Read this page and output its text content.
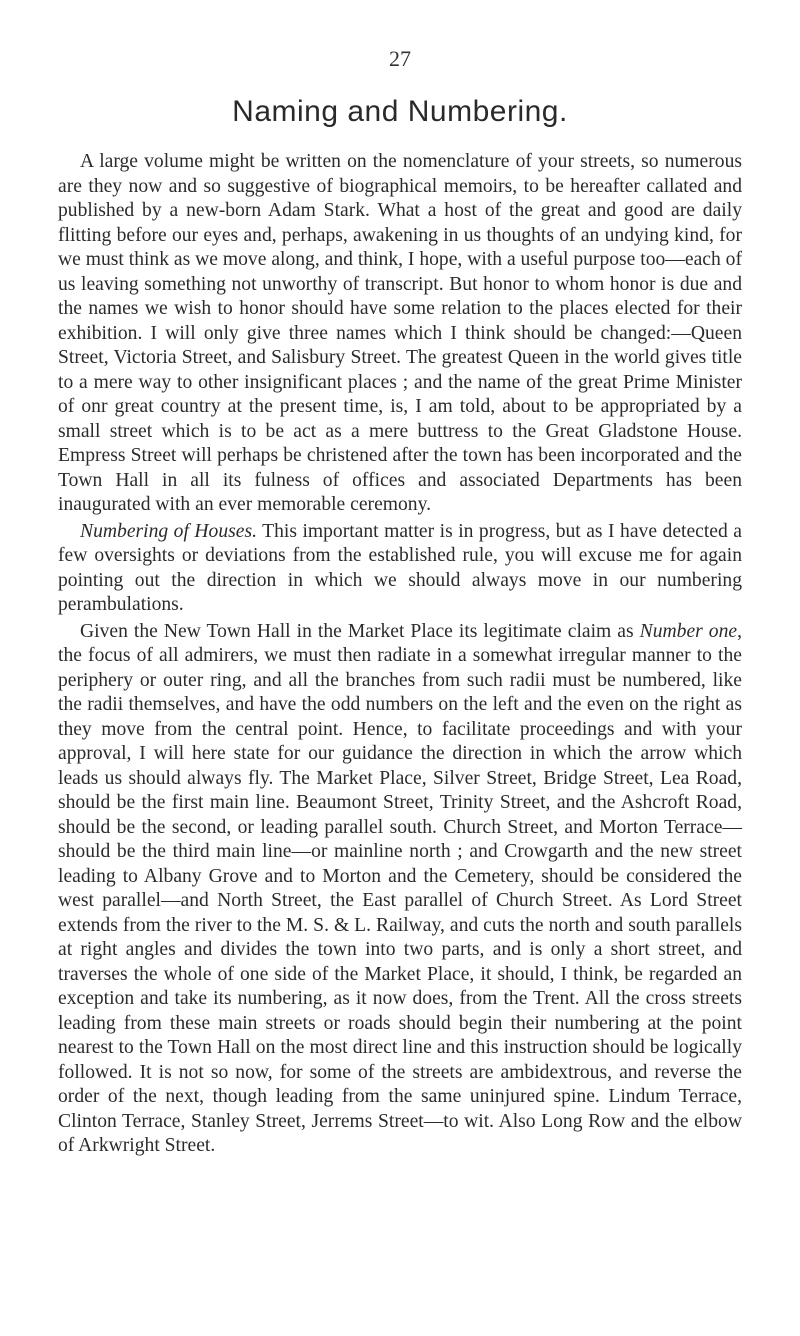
27
Naming and Numbering.

A large volume might be written on the nomenclature of your streets, so numerous are they now and so suggestive of biographical memoirs, to be hereafter callated and published by a new-born Adam Stark. What a host of the great and good are daily flitting before our eyes and, perhaps, awakening in us thoughts of an undying kind, for we must think as we move along, and think, I hope, with a useful purpose too—each of us leaving something not unworthy of transcript. But honor to whom honor is due and the names we wish to honor should have some relation to the places elected for their exhibition. I will only give three names which I think should be changed:—Queen Street, Victoria Street, and Salisbury Street. The greatest Queen in the world gives title to a mere way to other insignificant places ; and the name of the great Prime Minister of onr great country at the present time, is, I am told, about to be appropriated by a small street which is to be act as a mere buttress to the Great Gladstone House. Empress Street will perhaps be christened after the town has been incorporated and the Town Hall in all its fulness of offices and associated Departments has been inaugurated with an ever memorable ceremony.

Numbering of Houses. This important matter is in progress, but as I have detected a few oversights or deviations from the established rule, you will excuse me for again pointing out the direction in which we should always move in our numbering perambulations.

Given the New Town Hall in the Market Place its legitimate claim as Number one, the focus of all admirers, we must then radiate in a somewhat irregular manner to the periphery or outer ring, and all the branches from such radii must be numbered, like the radii themselves, and have the odd numbers on the left and the even on the right as they move from the central point. Hence, to facilitate proceedings and with your approval, I will here state for our guidance the direction in which the arrow which leads us should always fly. The Market Place, Silver Street, Bridge Street, Lea Road, should be the first main line. Beaumont Street, Trinity Street, and the Ashcroft Road, should be the second, or leading parallel south. Church Street, and Morton Terrace—should be the third main line—or mainline north ; and Crowgarth and the new street leading to Albany Grove and to Morton and the Cemetery, should be considered the west parallel—and North Street, the East parallel of Church Street. As Lord Street extends from the river to the M. S. & L. Railway, and cuts the north and south parallels at right angles and divides the town into two parts, and is only a short street, and traverses the whole of one side of the Market Place, it should, I think, be regarded an exception and take its numbering, as it now does, from the Trent. All the cross streets leading from these main streets or roads should begin their numbering at the point nearest to the Town Hall on the most direct line and this instruction should be logically followed. It is not so now, for some of the streets are ambidextrous, and reverse the order of the next, though leading from the same uninjured spine. Lindum Terrace, Clinton Terrace, Stanley Street, Jerrems Street—to wit. Also Long Row and the elbow of Arkwright Street.
